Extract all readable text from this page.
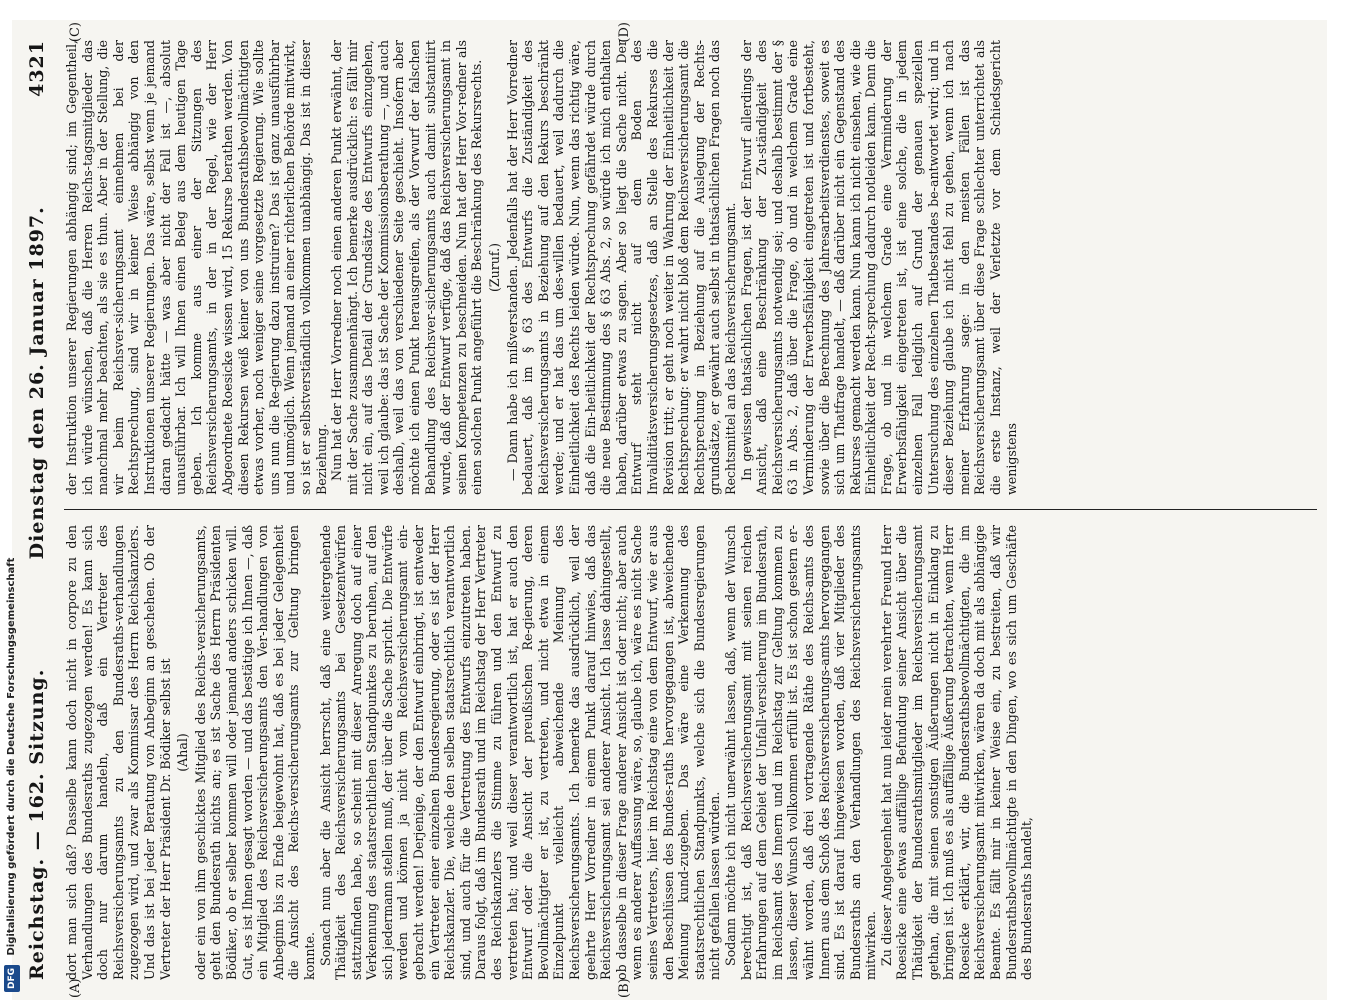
Reichstag. — 162. Sitzung.
Dienstag den 26. Januar 1897.
4321
(A)	(B)
(C)	(D)

dort man sich daß? Dasselbe kann doch nicht in corpore zu den Verhandlungen des Bundesraths zugezogen werden! Es kann sich doch nur darum handeln, daß ein Vertreter des Reichsversicherungsamts zu den Bundesraths-verhandlungen zugezogen wird, und zwar als Kommissar des Herrn Reichskanzlers. Und das ist bei jeder Beratung von Anbeginn an geschehen. Ob der Vertreter der Herr Präsident Dr. Bödiker selbst ist (Ahal) oder ein von ihm geschicktes Mitglied des Reichs-versicherungsamts, geht den Bundesrath nichts an; es ist Sache des Herrn Präsidenten Bödiker, ob er selber kommen will oder jemand anders schicken will. Gut, es ist Ihnen gesagt worden — und das bestätige ich Ihnen —, daß ein Mitglied des Reichsversicherungsamts den Ver-handlungen von Anbeginn bis zu Ende beigewohnt hat, daß es bei jeder Gelegenheit die Ansicht des Reichs-versicherungsamts zur Geltung bringen konnte. Sonach nun aber die Ansicht herrscht, daß eine weitergehende Thätigkeit des Reichsversicherungsamts bei Gesetzentwürfen stattzufinden habe, so scheint mit dieser Anregung doch auf einer Verkennung des staatsrechtlichen Standpunktes zu beruhen, auf den sich jedermann stellen muß, der über die Sache spricht. Die Entwürfe werden und können ja nicht vom Reichsversicherungsamt ein-gebracht werden! Derjenige, der den Entwurf einbringt, ist entweder ein Vertreter einer einzelnen Bundesregierung, oder es ist der Herr Reichskanzler. Die, welche den selben staatsrechtlich verantwortlich sind, und auch für die Vertretung des Entwurfs einzutreten haben. Daraus folgt, daß im Bundesrath und im Reichstag der Herr Vertreter des Reichskanzlers die Stimme zu führen und den Entwurf zu vertreten hat; und weil dieser verantwortlich ist, hat er auch den Entwurf oder die Ansicht der preußischen Re-gierung, deren Bevollmächtigter er ist, zu vertreten, und nicht etwa in einem Einzelpunkt vielleicht abweichende Meinung des Reichsversicherungsamts. Ich bemerke das ausdrücklich, weil der geehrte Herr Vorredner in einem Punkt darauf hinwies, daß das Reichsversicherungsamt sei anderer Ansicht. Ich lasse dahingestellt, ob dasselbe in dieser Frage anderer Ansicht ist oder nicht; aber auch wenn es anderer Auffassung wäre, so, glaube ich, wäre es nicht Sache seines Vertreters, hier im Reichstag eine von dem Entwurf, wie er aus den Beschlüssen des Bundes-raths hervorgegangen ist, abweichende Meinung kund-zugeben. Das wäre eine Verkennung des staatsrechtlichen Standpunkts, welche sich die Bundesregierungen nicht gefallen lassen würden. Sodann möchte ich nicht unerwähnt lassen, daß, wenn der Wunsch berechtigt ist, daß Reichsversicherungsamt mit seinen reichen Erfahrungen auf dem Gebiet der Unfall-versicherung im Bundesrath, im Reichsamt des Innern und im Reichstag zur Geltung kommen zu lassen, dieser Wunsch vollkommen erfüllt ist. Es ist schon gestern er-wähnt worden, daß drei vortragende Räthe des Reichs-amts des Innern aus dem Schoß des Reichsversicherungs-amts hervorgegangen sind. Es ist darauf hingewiesen worden, daß vier Mitglieder des Bundesraths an den Verhandlungen des Reichsversicherungsamts mitwirken. Zu dieser Angelegenheit hat nun leider mein verehrter Freund Herr Roesicke eine etwas auffällige Befundung seiner Ansicht über die Thätigkeit der Bundesrathsmitglieder im Reichsversicherungsamt gethan, die mit seinen sonstigen Äußerungen nicht in Einklang zu bringen ist. Ich muß es als auffällige Äußerung betrachten, wenn Herr Roesicke erklärt, wir, die Bundesrathsbevollmächtigten, die im Reichsversicherungsamt mitwirken, wären da doch mit als abhängige Beamte. Es fällt mir in keiner Weise ein, zu bestreiten, daß wir Bundesrathsbevollmächtigte in den Dingen, wo es sich um Geschäfte des Bundesraths handelt,

der Instruktion unserer Regierungen abhängig sind; im Gegentheil, ich würde wünschen, daß die Herren Reichs-tagsmitglieder das manchmal mehr beachten, als sie es thun. Aber in der Stellung, die wir beim Reichsver-sicherungsamt einnehmen bei der Rechtsprechung, sind wir in keiner Weise abhängig von den Instruktionen unserer Regierungen. Das wäre, selbst wenn je jemand daran gedacht hätte — was aber nicht der Fall ist —, absolut unausführbar. Ich will Ihnen einen Beleg aus dem heutigen Tage geben. Ich komme aus einer der Sitzungen des Reichsversicherungsamts, in der in der Regel, wie der Herr Abgeordnete Roesicke wissen wird, 15 Rekurse berathen werden. Von diesen Rekursen weiß keiner von uns Bundesrathsbevollmächtigten etwas vorher, noch weniger seine vorgesetzte Regierung. Wie sollte uns nun die Re-gierung dazu instruiren? Das ist ganz unausführbar und unmöglich. Wenn jemand an einer richterlichen Behörde mitwirkt, so ist er selbstverständlich vollkommen unabhängig. Das ist in dieser Beziehung. Nun hat der Herr Vorredner noch einen anderen Punkt erwähnt, der mit der Sache zusammenhängt. Ich bemerke ausdrücklich: es fällt mir nicht ein, auf das Detail der Grundsätze des Entwurfs einzugehen, weil ich glaube: das ist Sache der Kommissionsberathung —, und auch deshalb, weil das von verschiedener Seite geschieht. Insofern aber möchte ich einen Punkt herausgreifen, als der Vorwurf der falschen Behandlung des Reichsver-sicherungsamts auch damit substantiirt wurde, daß der Entwurf verfüge, daß das Reichsversicherungsamt in seinen Kompetenzen zu beschneiden. Nun hat der Herr Vor-redner als einen solchen Punkt angeführt die Beschränkung des Rekursrechts. (Zuruf.) — Dann habe ich mißverstanden. Jedenfalls hat der Herr Vorredner bedauert, daß im § 63 des Entwurfs die Zuständigkeit des Reichsversicherungsamts in Beziehung auf den Rekurs beschränkt werde; und er hat das um des-willen bedauert, weil dadurch die Einheitlichkeit des Rechts leiden würde. Nun, wenn das richtig wäre, daß die Ein-heitlichkeit der Rechtsprechung gefährdet würde durch die neue Bestimmung des § 63 Abs. 2, so würde ich mich enthalten haben, darüber etwas zu sagen. Aber so liegt die Sache nicht. Der Entwurf steht nicht auf dem Boden des Invaliditätsversicherungsgesetzes, daß an Stelle des Rekurses die Revision tritt; er geht noch weiter in Wahrung der Einheitlichkeit der Rechtsprechung: er wahrt nicht bloß dem Reichsversicherungsamt die Rechtsprechung in Beziehung auf die Auslegung der Rechts-grundsätze, er gewährt auch selbst in thatsächlichen Fragen noch das Rechtsmittel an das Reichsversicherungsamt. In gewissen thatsächlichen Fragen, ist der Entwurf allerdings der Ansicht, daß eine Beschränkung der Zu-ständigkeit des Reichsversicherungsamts notwendig sei; und deshalb bestimmt der § 63 in Abs. 2, daß über die Frage, ob und in welchem Grade eine Verminderung der Erwerbsfähigkeit eingetreten ist und fortbesteht, sowie über die Berechnung des Jahresarbeitsverdienstes, soweit es sich um Thatfrage handelt, — daß darüber nicht ein Gegenstand des Rekurses gemacht werden kann. Nun kann ich nicht einsehen, wie die Einheitlichkeit der Recht-sprechung dadurch notleiden kann. Denn die Frage, ob und in welchem Grade eine Verminderung der Erwerbsfähigkeit eingetreten ist, ist eine solche, die in jedem einzelnen Fall lediglich auf Grund der genauen speziellen Untersuchung des einzelnen Thatbestandes be-antwortet wird; und in dieser Beziehung glaube ich nicht fehl zu gehen, wenn ich nach meiner Erfahrung sage: in den meisten Fällen ist das Reichsversicherungsamt über diese Frage schlechter unterrichtet als die erste Instanz, weil der Verletzte vor dem Schiedsgericht wenigstens

DFG Digitalisierung gefördert durch die Deutsche Forschungsgemeinschaft
